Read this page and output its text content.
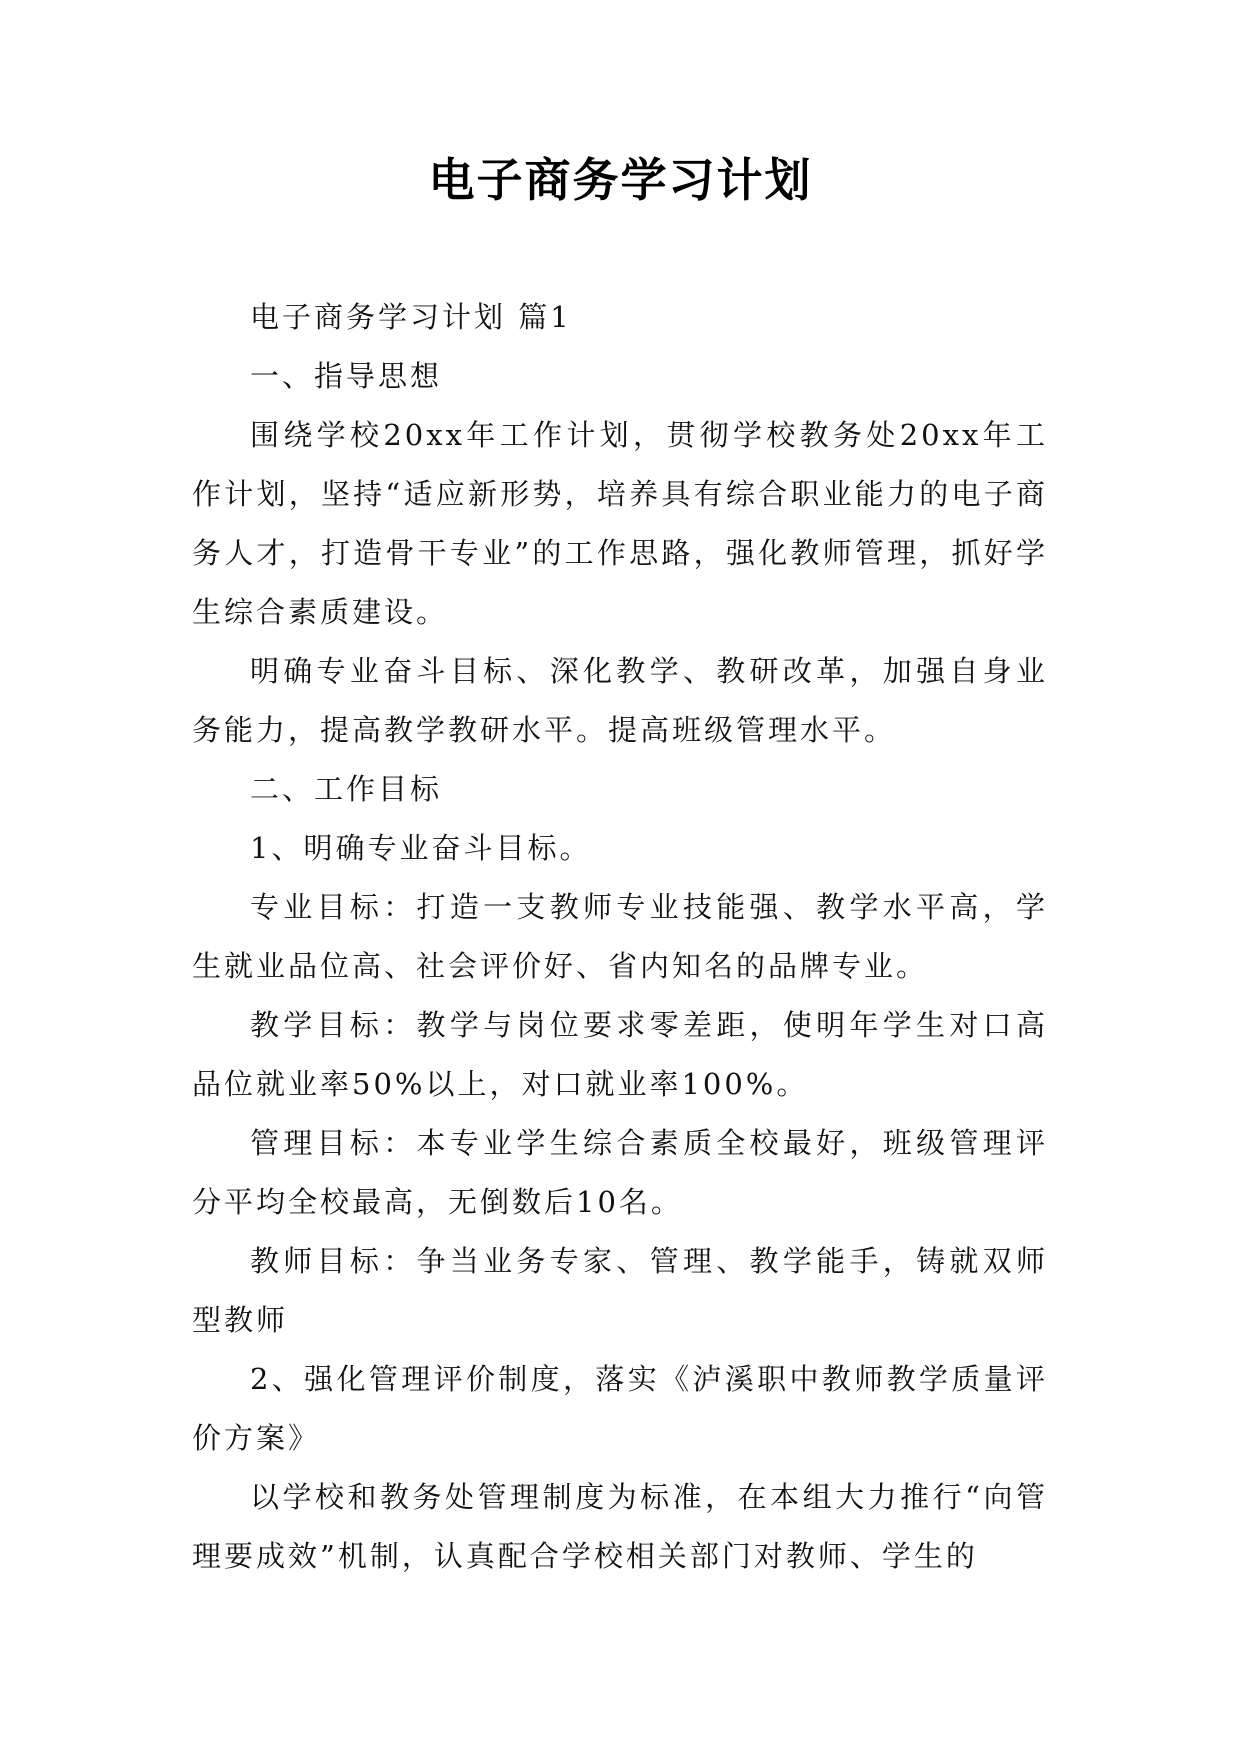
电子商务学习计划

电子商务学习计划 篇1

一、指导思想

围绕学校20xx年工作计划，贯彻学校教务处20xx年工作计划，坚持“适应新形势，培养具有综合职业能力的电子商务人才，打造骨干专业”的工作思路，强化教师管理，抓好学生综合素质建设。

明确专业奋斗目标、深化教学、教研改革，加强自身业务能力，提高教学教研水平。提高班级管理水平。

二、工作目标

1、明确专业奋斗目标。

专业目标：打造一支教师专业技能强、教学水平高，学生就业品位高、社会评价好、省内知名的品牌专业。

教学目标：教学与岗位要求零差距，使明年学生对口高品位就业率50%以上，对口就业率100%。

管理目标：本专业学生综合素质全校最好，班级管理评分平均全校最高，无倒数后10名。

教师目标：争当业务专家、管理、教学能手，铸就双师型教师

2、强化管理评价制度，落实《泸溪职中教师教学质量评价方案》

以学校和教务处管理制度为标准，在本组大力推行“向管理要成效”机制，认真配合学校相关部门对教师、学生的
